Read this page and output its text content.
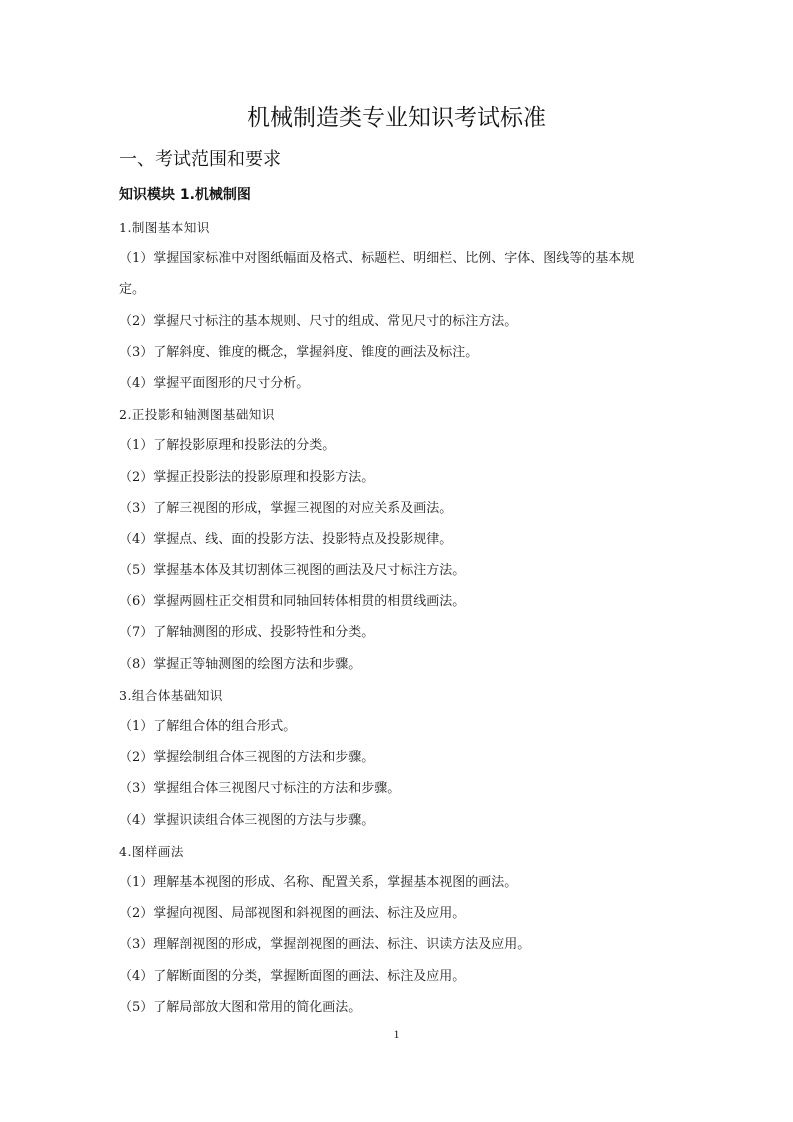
机械制造类专业知识考试标准
一、考试范围和要求
知识模块 1.机械制图
1.制图基本知识
（1）掌握国家标准中对图纸幅面及格式、标题栏、明细栏、比例、字体、图线等的基本规
定。
（2）掌握尺寸标注的基本规则、尺寸的组成、常见尺寸的标注方法。
（3）了解斜度、锥度的概念，掌握斜度、锥度的画法及标注。
（4）掌握平面图形的尺寸分析。
2.正投影和轴测图基础知识
（1）了解投影原理和投影法的分类。
（2）掌握正投影法的投影原理和投影方法。
（3）了解三视图的形成，掌握三视图的对应关系及画法。
（4）掌握点、线、面的投影方法、投影特点及投影规律。
（5）掌握基本体及其切割体三视图的画法及尺寸标注方法。
（6）掌握两圆柱正交相贯和同轴回转体相贯的相贯线画法。
（7）了解轴测图的形成、投影特性和分类。
（8）掌握正等轴测图的绘图方法和步骤。
3.组合体基础知识
（1）了解组合体的组合形式。
（2）掌握绘制组合体三视图的方法和步骤。
（3）掌握组合体三视图尺寸标注的方法和步骤。
（4）掌握识读组合体三视图的方法与步骤。
4.图样画法
（1）理解基本视图的形成、名称、配置关系，掌握基本视图的画法。
（2）掌握向视图、局部视图和斜视图的画法、标注及应用。
（3）理解剖视图的形成，掌握剖视图的画法、标注、识读方法及应用。
（4）了解断面图的分类，掌握断面图的画法、标注及应用。
（5）了解局部放大图和常用的简化画法。
1
